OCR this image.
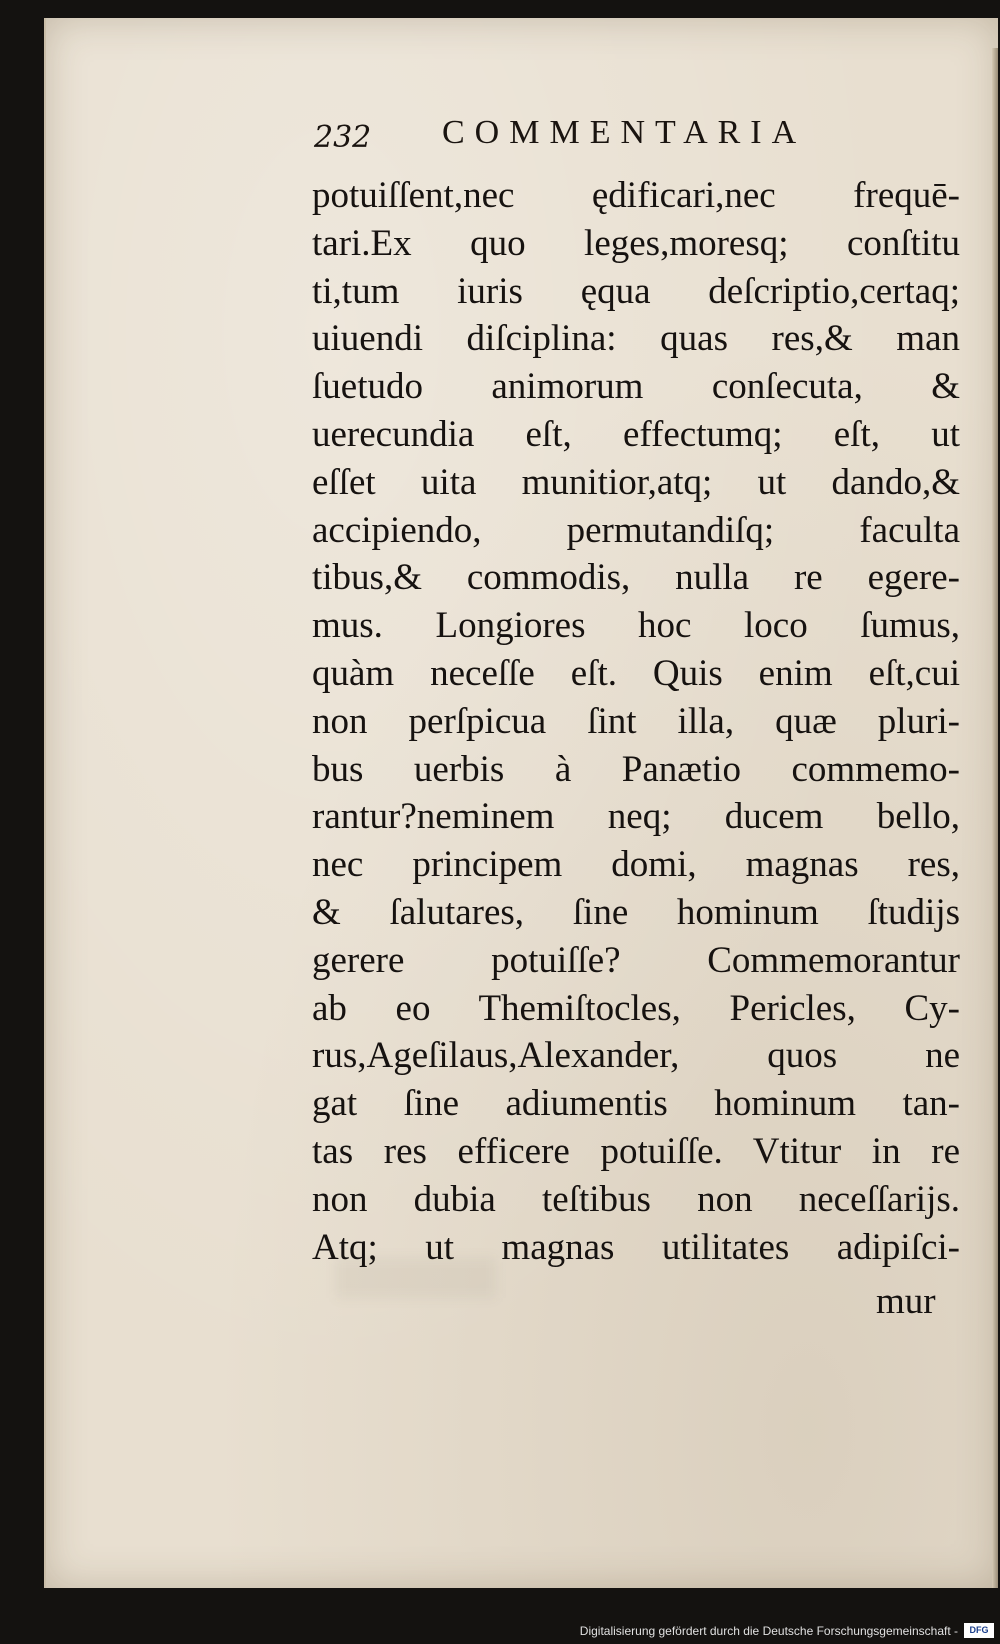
232 COMMENTARIA
potuiſſent,nec ędificari,nec frequē-
tari.Ex quo leges,moresq; conſtitu
ti,tum iuris ęqua deſcriptio,certaq;
uiuendi diſciplina: quas res,& man
ſuetudo animorum conſecuta, &
uerecundia eſt, effectumq; eſt, ut
eſſet uita munitior,atq; ut dando,&
accipiendo, permutandiſq; facultа
tibus,& commodis, nulla re egere-
mus. Longiores hoc loco ſumus,
quàm neceſſe eſt. Quis enim eſt,cui
non perſpicua ſint illa, quæ pluri-
bus uerbis à Panætio commemo-
rantur?neminem neq; ducem bello,
nec principem domi, magnas res,
& ſalutares, ſine hominum ſtudijs
gerere potuiſſe? Commemorantur
ab eo Themiſtocles, Pericles, Cy-
rus,Ageſilaus,Alexander, quos ne
gat ſine adiumentis hominum tan-
tas res efficere potuiſſe. Vtitur in re
non dubia teſtibus non neceſſarijs.
Atq; ut magnas utilitates adipiſci-
mur
Digitalisierung gefördert durch die Deutsche Forschungsgemeinschaft -	DFG
